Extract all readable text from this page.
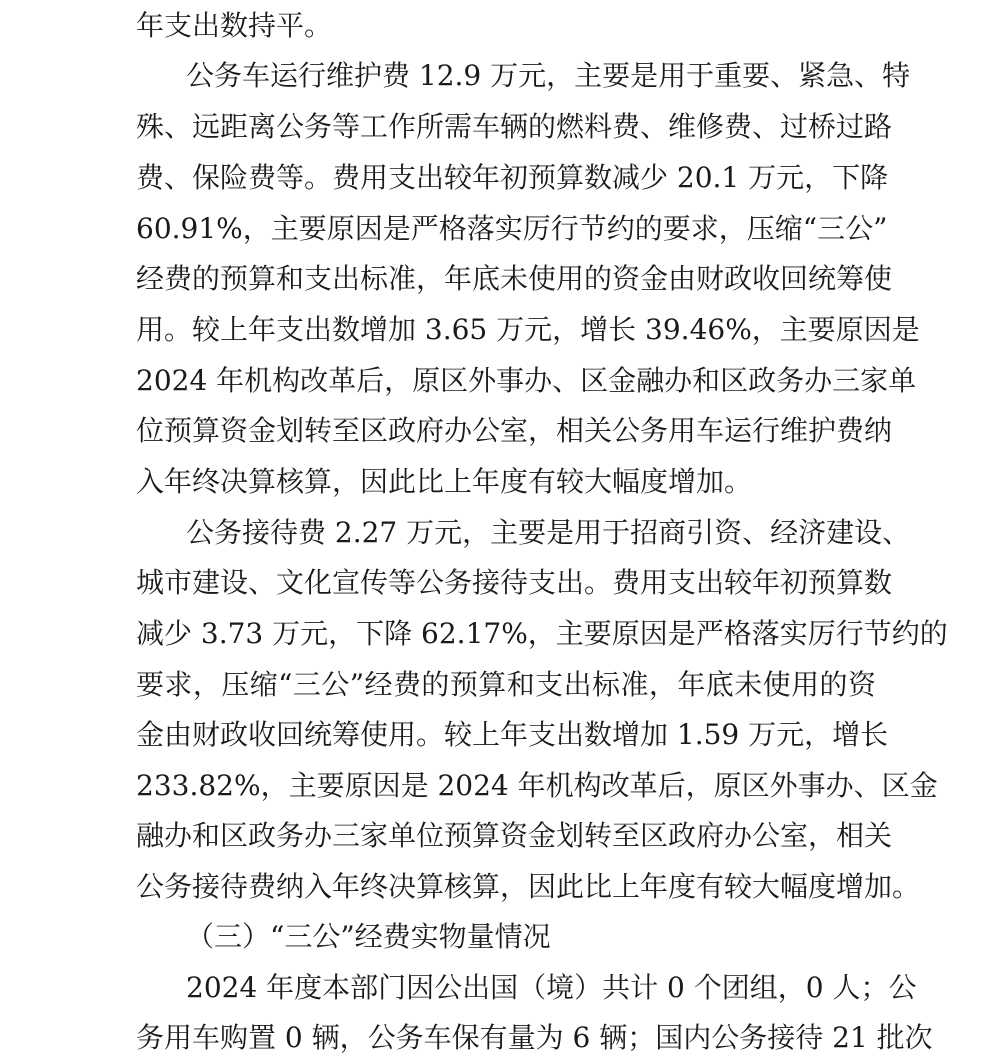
年支出数持平。
公务车运行维护费 12.9 万元，主要是用于重要、紧急、特
殊、远距离公务等工作所需车辆的燃料费、维修费、过桥过路
费、保险费等。费用支出较年初预算数减少 20.1 万元，下降
60.91%，主要原因是严格落实厉行节约的要求，压缩“三公”
经费的预算和支出标准，年底未使用的资金由财政收回统筹使
用。较上年支出数增加 3.65 万元，增长 39.46%，主要原因是
2024 年机构改革后，原区外事办、区金融办和区政务办三家单
位预算资金划转至区政府办公室，相关公务用车运行维护费纳
入年终决算核算，因此比上年度有较大幅度增加。
公务接待费 2.27 万元，主要是用于招商引资、经济建设、
城市建设、文化宣传等公务接待支出。费用支出较年初预算数
减少 3.73 万元，下降 62.17%，主要原因是严格落实厉行节约的
要求，压缩“三公”经费的预算和支出标准，年底未使用的资
金由财政收回统筹使用。较上年支出数增加 1.59 万元，增长
233.82%，主要原因是 2024 年机构改革后，原区外事办、区金
融办和区政务办三家单位预算资金划转至区政府办公室，相关
公务接待费纳入年终决算核算，因此比上年度有较大幅度增加。
（三）“三公”经费实物量情况
2024 年度本部门因公出国（境）共计 0 个团组，0 人；公
务用车购置 0 辆，公务车保有量为 6 辆；国内公务接待 21 批次
